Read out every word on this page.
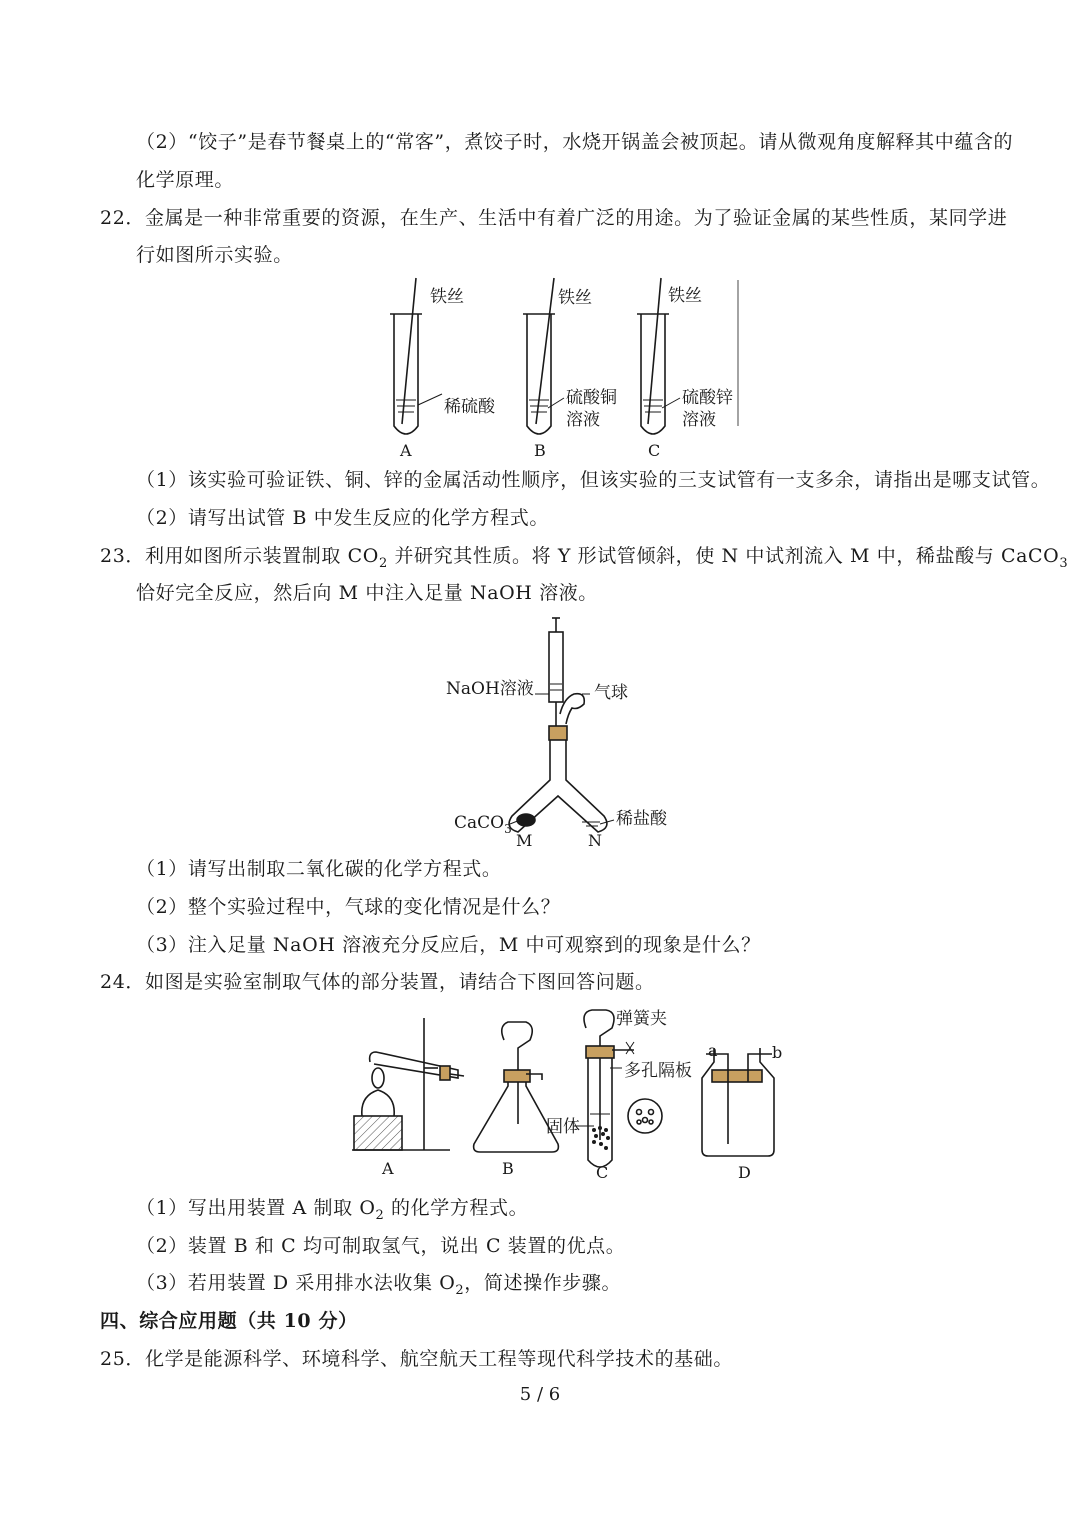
（2）“饺子”是春节餐桌上的“常客”，煮饺子时，水烧开锅盖会被顶起。请从微观角度解释其中蕴含的
化学原理。
22．金属是一种非常重要的资源，在生产、生活中有着广泛的用途。为了验证金属的某些性质，某同学进
行如图所示实验。
铁丝	铁丝	铁丝
稀硫酸	硫酸铜
溶液
硫酸锌
溶液
A	B	C
（1）该实验可验证铁、铜、锌的金属活动性顺序，但该实验的三支试管有一支多余，请指出是哪支试管。
（2）请写出试管 B 中发生反应的化学方程式。
23．利用如图所示装置制取 $CO_2$ 并研究其性质。将 Y 形试管倾斜，使 N 中试剂流入 M 中，稀盐酸与 CaCO$_3$
恰好完全反应，然后向 M 中注入足量 NaOH 溶液。
NaOH溶液	气球
CaCO$_3$	稀盐酸
M	N
（1）请写出制取二氧化碳的化学方程式。
（2）整个实验过程中，气球的变化情况是什么？
（3）注入足量 NaOH 溶液充分反应后，M 中可观察到的现象是什么？
24．如图是实验室制取气体的部分装置，请结合下图回答问题。
弹簧夹
多孔隔板
固体
a	b
A	B	C	D
（1）写出用装置 A 制取 $O_2$ 的化学方程式。
（2）装置 B 和 C 均可制取氢气，说出 C 装置的优点。
（3）若用装置 D 采用排水法收集 $O_2$，简述操作步骤。
四、综合应用题（共 10 分）
25．化学是能源科学、环境科学、航空航天工程等现代科学技术的基础。
5 / 6
